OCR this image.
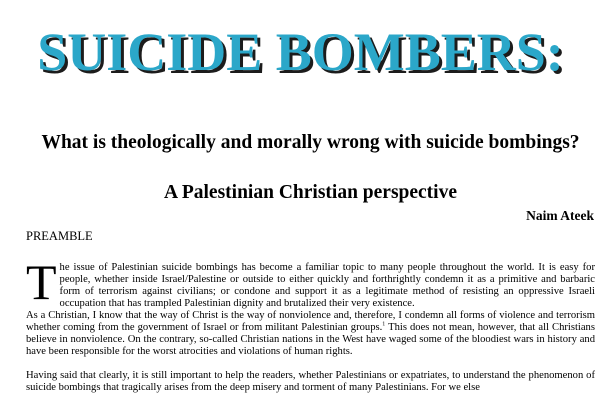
SUICIDE BOMBERS:
What is theologically and morally wrong with suicide bombings?
A Palestinian Christian perspective
Naim Ateek
PREAMBLE

The issue of Palestinian suicide bombings has become a familiar topic to many people throughout the world. It is easy for people, whether inside Israel/Palestine or outside to either quickly and forthrightly condemn it as a primitive and barbaric form of terrorism against civilians; or condone and support it as a legitimate method of resisting an oppressive Israeli occupation that has trampled Palestinian dignity and brutalized their very existence.

As a Christian, I know that the way of Christ is the way of nonviolence and, therefore, I condemn all forms of violence and terrorism whether coming from the government of Israel or from militant Palestinian groups.$^1$ This does not mean, however, that all Christians believe in nonviolence. On the contrary, so-called Christian nations in the West have waged some of the bloodiest wars in history and have been responsible for the worst atrocities and violations of human rights.

Having said that clearly, it is still important to help the readers, whether Palestinians or expatriates, to understand the phenomenon of suicide bombings that tragically arises from the deep misery and torment of many Palestinians. For we else
